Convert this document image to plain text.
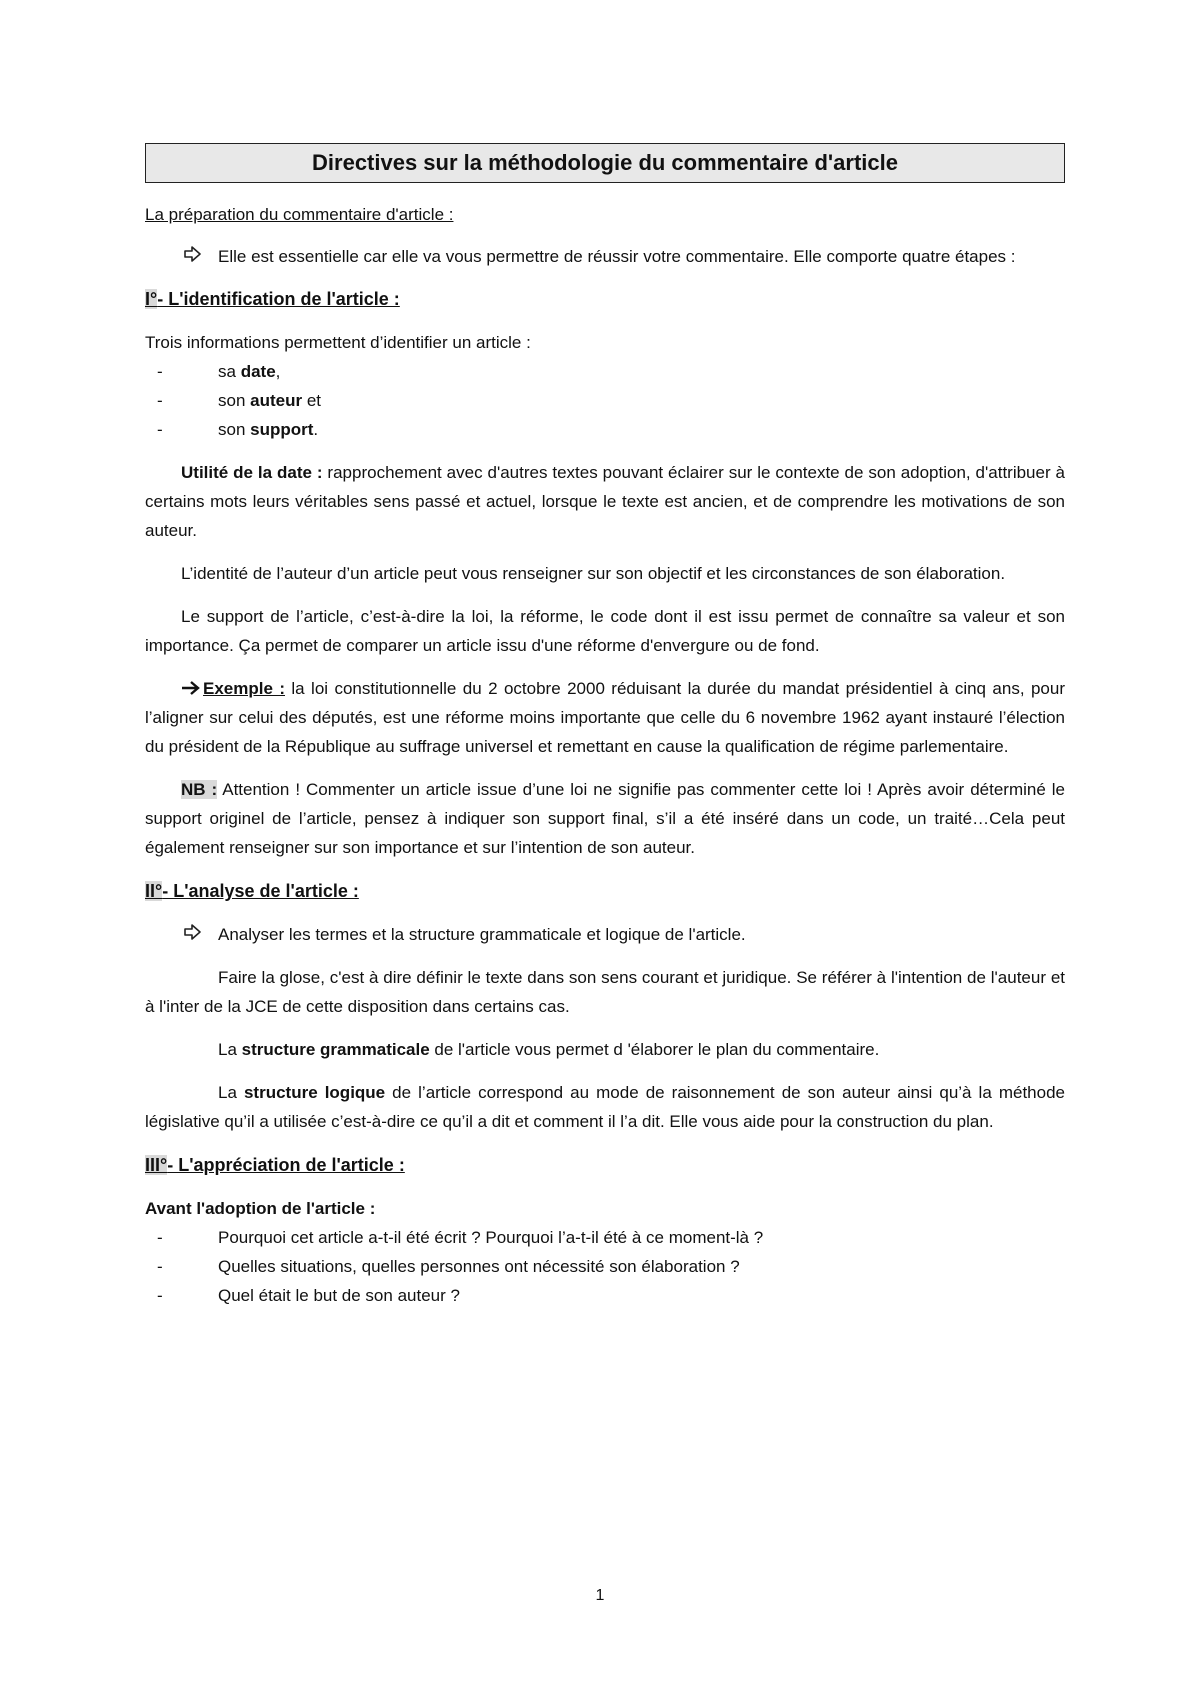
Directives sur la méthodologie du commentaire d'article
La préparation du commentaire d'article :
Elle est essentielle car elle va vous permettre de réussir votre commentaire. Elle comporte quatre étapes :
I°- L'identification de l'article :

Trois informations permettent d’identifier un article :

-	sa date,
-	son auteur et
-	son support.

Utilité de la date : rapprochement avec d'autres textes pouvant éclairer sur le contexte de son adoption, d'attribuer à certains mots leurs véritables sens passé et actuel, lorsque le texte est ancien, et de comprendre les motivations de son auteur.

L’identité de l’auteur d’un article peut vous renseigner sur son objectif et les circonstances de son élaboration.

Le support de l’article, c’est-à-dire la loi, la réforme, le code dont il est issu permet de connaître sa valeur et son importance. Ça permet de comparer un article issu d'une réforme d'envergure ou de fond.

Exemple : la loi constitutionnelle du 2 octobre 2000 réduisant la durée du mandat présidentiel à cinq ans, pour l’aligner sur celui des députés, est une réforme moins importante que celle du 6 novembre 1962 ayant instauré l’élection du président de la République au suffrage universel et remettant en cause la qualification de régime parlementaire.

NB : Attention ! Commenter un article issue d’une loi ne signifie pas commenter cette loi ! Après avoir déterminé le support originel de l’article, pensez à indiquer son support final, s’il a été inséré dans un code, un traité…Cela peut également renseigner sur son importance et sur l’intention de son auteur.

II°- L'analyse de l'article :
Analyser les termes et la structure grammaticale et logique de l'article.

Faire la glose, c'est à dire définir le texte dans son sens courant et juridique. Se référer à l'intention de l'auteur et à l'inter de la JCE de cette disposition dans certains cas.

La structure grammaticale de l'article vous permet d 'élaborer le plan du commentaire.

La structure logique de l’article correspond au mode de raisonnement de son auteur ainsi qu’à la méthode législative qu’il a utilisée c’est-à-dire ce qu’il a dit et comment il l’a dit. Elle vous aide pour la construction du plan.

III°- L'appréciation de l'article :

Avant l'adoption de l'article :

-	Pourquoi cet article a-t-il été écrit ? Pourquoi l’a-t-il été à ce moment-là ?
-	Quelles situations, quelles personnes ont nécessité son élaboration ?
-	Quel était le but de son auteur ?
1
